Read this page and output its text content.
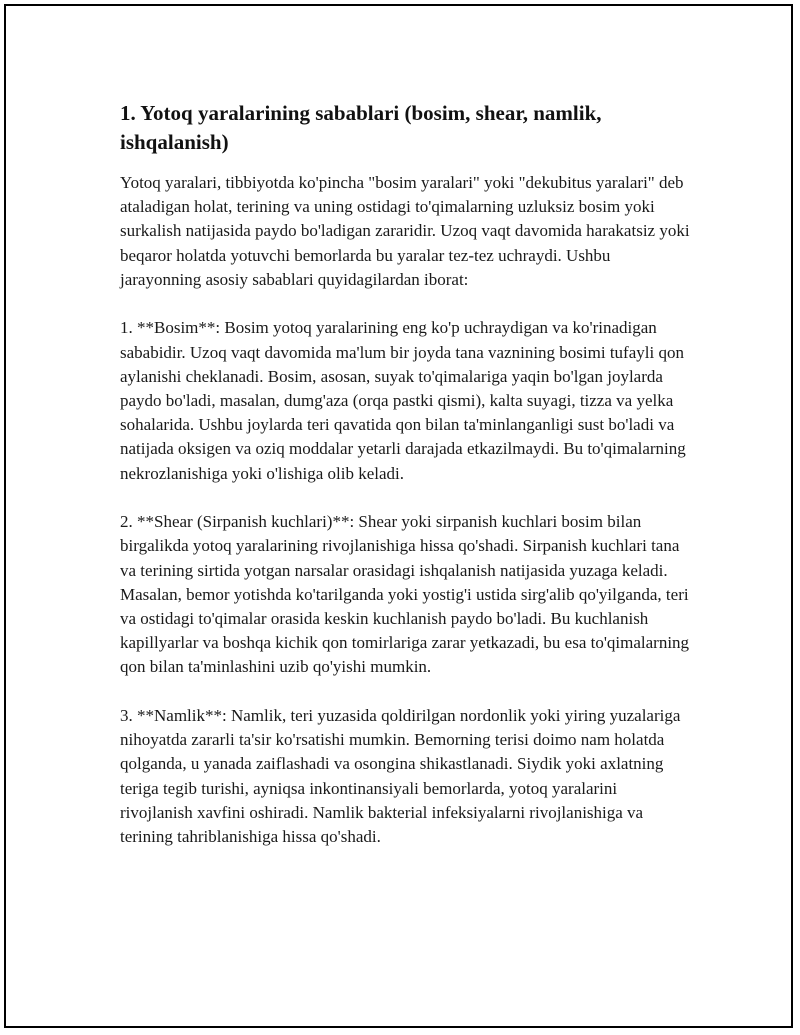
1. Yotoq yaralarining sabablari (bosim, shear, namlik, ishqalanish)

Yotoq yaralari, tibbiyotda ko'pincha "bosim yaralari" yoki "dekubitus yaralari" deb ataladigan holat, terining va uning ostidagi to'qimalarning uzluksiz bosim yoki surkalish natijasida paydo bo'ladigan zararidir. Uzoq vaqt davomida harakatsiz yoki beqaror holatda yotuvchi bemorlarda bu yaralar tez-tez uchraydi. Ushbu jarayonning asosiy sabablari quyidagilardan iborat:

1. **Bosim**: Bosim yotoq yaralarining eng ko'p uchraydigan va ko'rinadigan sababidir. Uzoq vaqt davomida ma'lum bir joyda tana vaznining bosimi tufayli qon aylanishi cheklanadi. Bosim, asosan, suyak to'qimalariga yaqin bo'lgan joylarda paydo bo'ladi, masalan, dumg'aza (orqa pastki qismi), kalta suyagi, tizza va yelka sohalarida. Ushbu joylarda teri qavatida qon bilan ta'minlanganligi sust bo'ladi va natijada oksigen va oziq moddalar yetarli darajada etkazilmaydi. Bu to'qimalarning nekrozlanishiga yoki o'lishiga olib keladi.

2. **Shear (Sirpanish kuchlari)**: Shear yoki sirpanish kuchlari bosim bilan birgalikda yotoq yaralarining rivojlanishiga hissa qo'shadi. Sirpanish kuchlari tana va terining sirtida yotgan narsalar orasidagi ishqalanish natijasida yuzaga keladi. Masalan, bemor yotishda ko'tarilganda yoki yostig'i ustida sirg'alib qo'yilganda, teri va ostidagi to'qimalar orasida keskin kuchlanish paydo bo'ladi. Bu kuchlanish kapillyarlar va boshqa kichik qon tomirlariga zarar yetkazadi, bu esa to'qimalarning qon bilan ta'minlashini uzib qo'yishi mumkin.

3. **Namlik**: Namlik, teri yuzasida qoldirilgan nordonlik yoki yiring yuzalariga nihoyatda zararli ta'sir ko'rsatishi mumkin. Bemorning terisi doimo nam holatda qolganda, u yanada zaiflashadi va osongina shikastlanadi. Siydik yoki axlatning teriga tegib turishi, ayniqsa inkontinansiyali bemorlarda, yotoq yaralarini rivojlanish xavfini oshiradi. Namlik bakterial infeksiyalarni rivojlanishiga va terining tahriblanishiga hissa qo'shadi.
